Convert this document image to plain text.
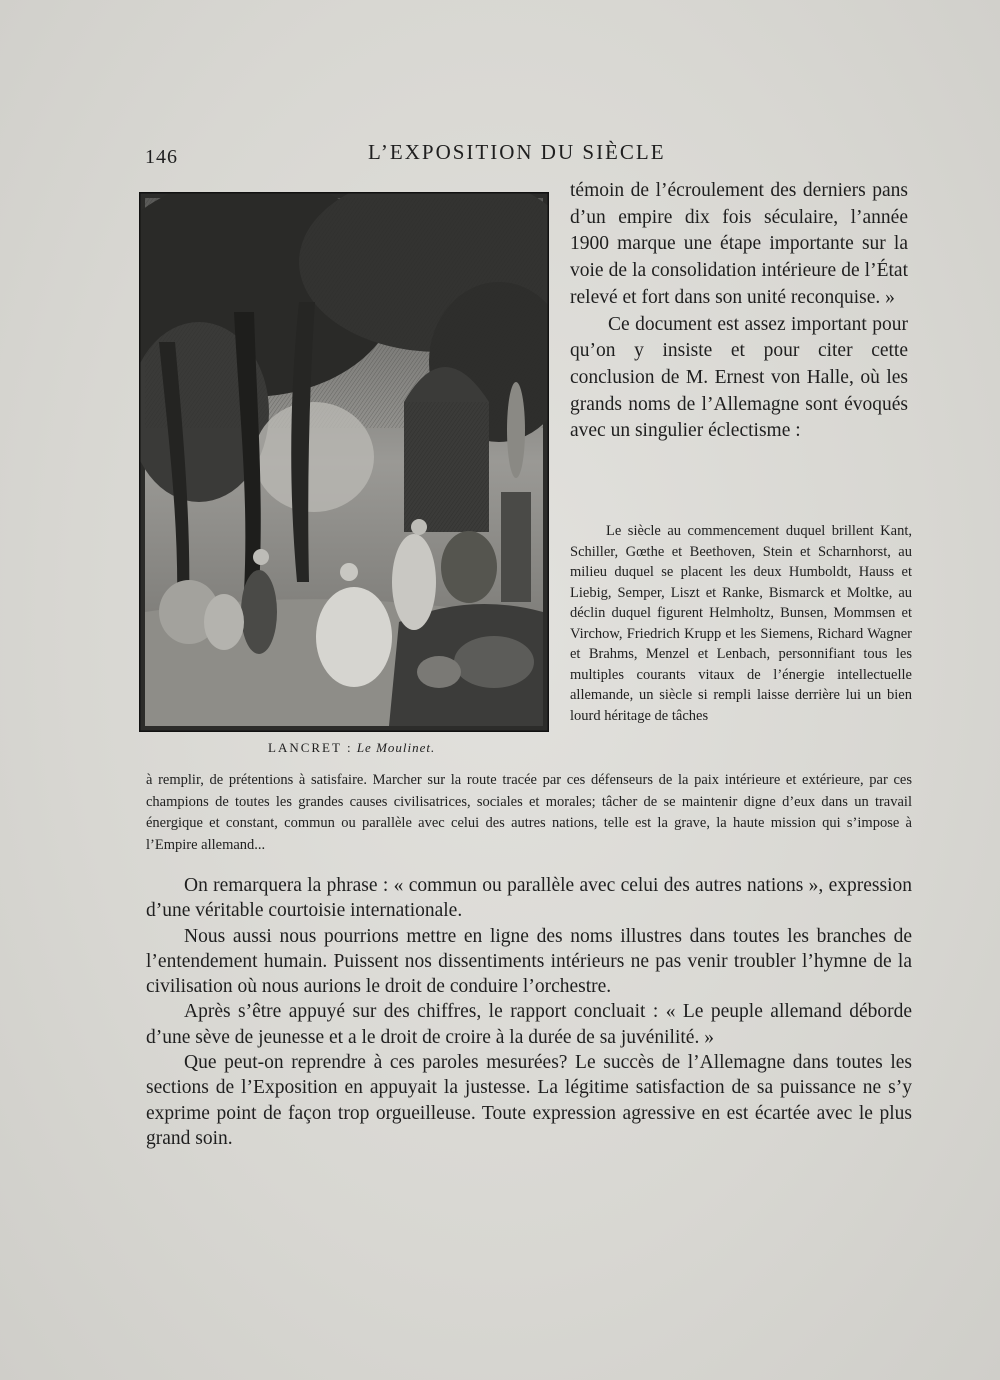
146	L’EXPOSITION DU SIÈCLE
LANCRET : Le Moulinet.

témoin de l’écroulement des derniers pans d’un empire dix fois séculaire, l’année 1900 marque une étape importante sur la voie de la consolidation intérieure de l’État relevé et fort dans son unité reconquise. »

Ce document est assez important pour qu’on y insiste et pour citer cette conclusion de M. Ernest von Halle, où les grands noms de l’Allemagne sont évoqués avec un singulier éclectisme :

Le siècle au commencement duquel brillent Kant, Schiller, Gœthe et Beethoven, Stein et Scharnhorst, au milieu duquel se placent les deux Humboldt, Hauss et Liebig, Semper, Liszt et Ranke, Bismarck et Moltke, au déclin duquel figurent Helmholtz, Bunsen, Mommsen et Virchow, Friedrich Krupp et les Siemens, Richard Wagner et Brahms, Menzel et Lenbach, personnifiant tous les multiples courants vitaux de l’énergie intellectuelle allemande, un siècle si rempli laisse derrière lui un bien lourd héritage de tâches

à remplir, de prétentions à satisfaire. Marcher sur la route tracée par ces défenseurs de la paix intérieure et extérieure, par ces champions de toutes les grandes causes civilisatrices, sociales et morales; tâcher de se maintenir digne d’eux dans un travail énergique et constant, commun ou parallèle avec celui des autres nations, telle est la grave, la haute mission qui s’impose à l’Empire allemand...

On remarquera la phrase : « commun ou parallèle avec celui des autres nations », expression d’une véritable courtoisie internationale.

Nous aussi nous pourrions mettre en ligne des noms illustres dans toutes les branches de l’entendement humain. Puissent nos dissentiments intérieurs ne pas venir troubler l’hymne de la civilisation où nous aurions le droit de conduire l’orchestre.

Après s’être appuyé sur des chiffres, le rapport concluait : « Le peuple allemand déborde d’une sève de jeunesse et a le droit de croire à la durée de sa juvénilité. »

Que peut-on reprendre à ces paroles mesurées? Le succès de l’Allemagne dans toutes les sections de l’Exposition en appuyait la justesse. La légitime satisfaction de sa puissance ne s’y exprime point de façon trop orgueilleuse. Toute expression agressive en est écartée avec le plus grand soin.
